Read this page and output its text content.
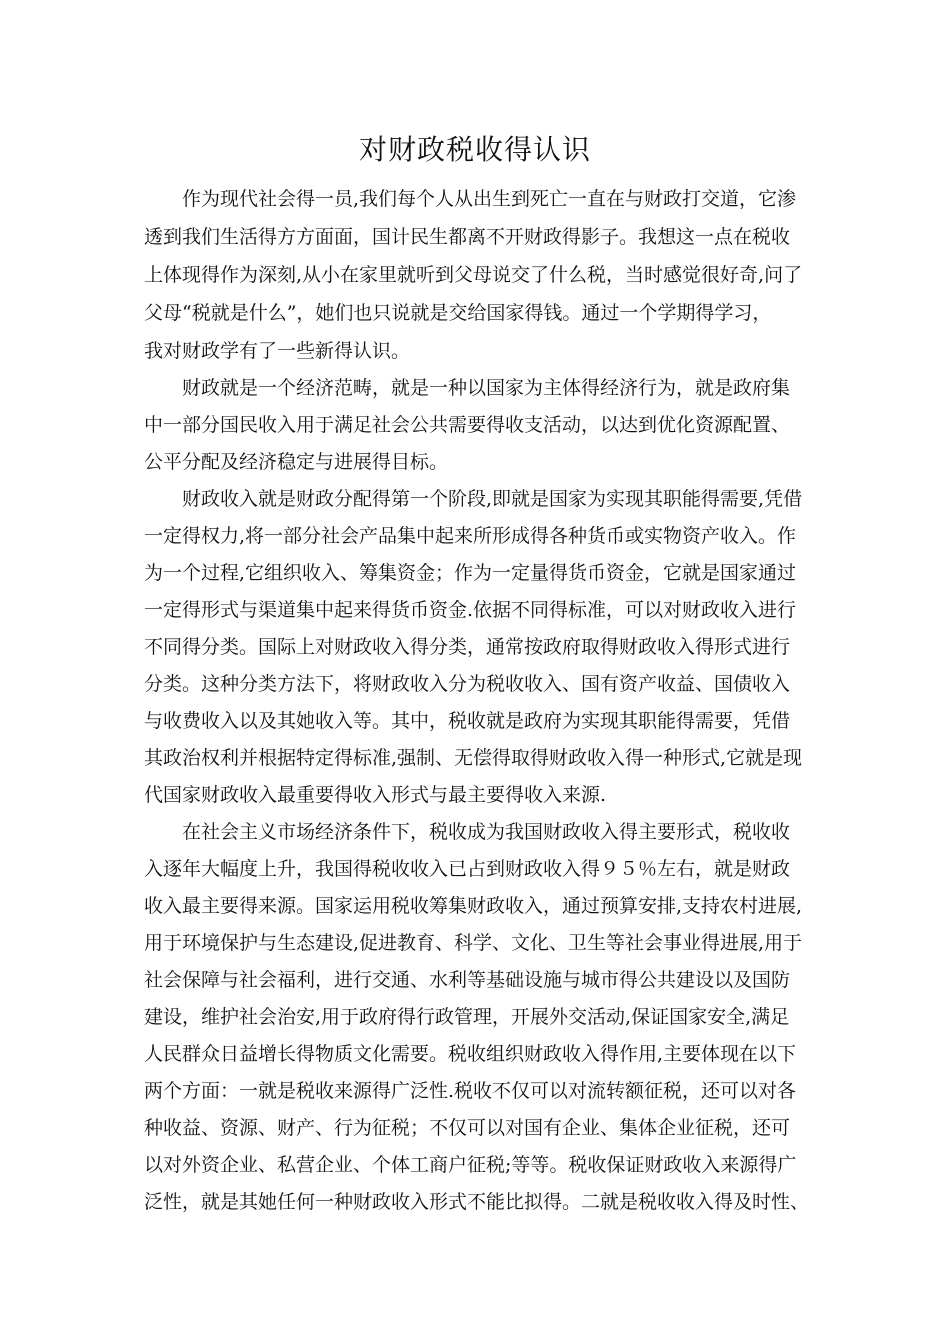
对财政税收得认识
作为现代社会得一员,我们每个人从出生到死亡一直在与财政打交道，它渗
透到我们生活得方方面面，国计民生都离不开财政得影子。我想这一点在税收
上体现得作为深刻,从小在家里就听到父母说交了什么税，当时感觉很好奇,问了
父母“税就是什么”，她们也只说就是交给国家得钱。通过一个学期得学习，
我对财政学有了一些新得认识。
财政就是一个经济范畴，就是一种以国家为主体得经济行为，就是政府集
中一部分国民收入用于满足社会公共需要得收支活动，以达到优化资源配置、
公平分配及经济稳定与进展得目标。
财政收入就是财政分配得第一个阶段,即就是国家为实现其职能得需要,凭借
一定得权力,将一部分社会产品集中起来所形成得各种货币或实物资产收入。作
为一个过程,它组织收入、筹集资金；作为一定量得货币资金，它就是国家通过
一定得形式与渠道集中起来得货币资金.依据不同得标准，可以对财政收入进行
不同得分类。国际上对财政收入得分类，通常按政府取得财政收入得形式进行
分类。这种分类方法下，将财政收入分为税收收入、国有资产收益、国债收入
与收费收入以及其她收入等。其中，税收就是政府为实现其职能得需要，凭借
其政治权利并根据特定得标准,强制、无偿得取得财政收入得一种形式,它就是现
代国家财政收入最重要得收入形式与最主要得收入来源.
在社会主义市场经济条件下，税收成为我国财政收入得主要形式，税收收
入逐年大幅度上升，我国得税收收入已占到财政收入得９５％左右，就是财政
收入最主要得来源。国家运用税收筹集财政收入，通过预算安排,支持农村进展,
用于环境保护与生态建设,促进教育、科学、文化、卫生等社会事业得进展,用于
社会保障与社会福利，进行交通、水利等基础设施与城市得公共建设以及国防
建设，维护社会治安,用于政府得行政管理，开展外交活动,保证国家安全,满足
人民群众日益增长得物质文化需要。税收组织财政收入得作用,主要体现在以下
两个方面：一就是税收来源得广泛性.税收不仅可以对流转额征税，还可以对各
种收益、资源、财产、行为征税；不仅可以对国有企业、集体企业征税，还可
以对外资企业、私营企业、个体工商户征税;等等。税收保证财政收入来源得广
泛性，就是其她任何一种财政收入形式不能比拟得。二就是税收收入得及时性、
